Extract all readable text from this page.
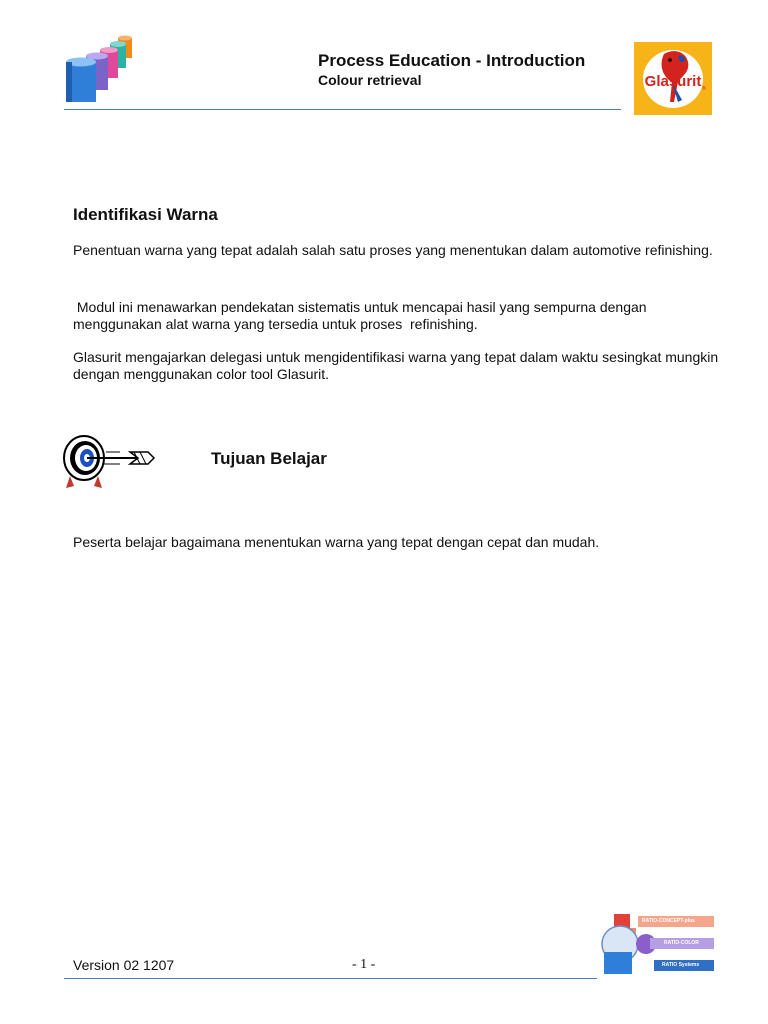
Process Education - Introduction
Colour retrieval	Glasurit ®
Identifikasi Warna
Penentuan warna yang tepat adalah salah satu proses yang menentukan dalam automotive refinishing.
Modul ini menawarkan pendekatan sistematis untuk mencapai hasil yang sempurna dengan menggunakan alat warna yang tersedia untuk proses  refinishing.
Glasurit mengajarkan delegasi untuk mengidentifikasi warna yang tepat dalam waktu sesingkat mungkin dengan menggunakan color tool Glasurit.
Tujuan Belajar
Peserta belajar bagaimana menentukan warna yang tepat dengan cepat dan mudah.
Version 02 1207	- 1 -
RATIO-CONCEPT-plus
RATIO-COLOR
RATIO Systems
